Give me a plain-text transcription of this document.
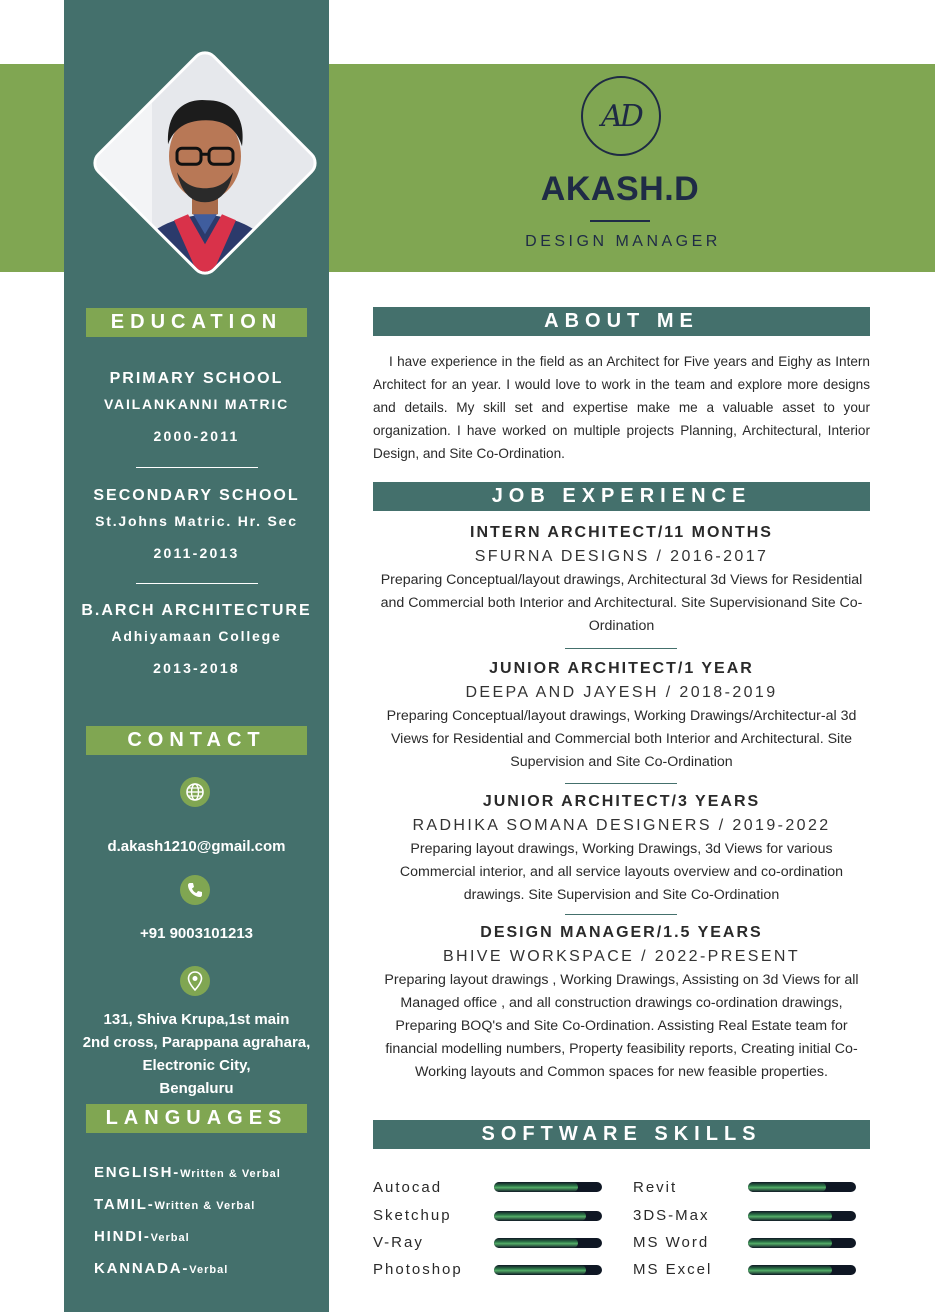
AD
AKASH.D
DESIGN MANAGER
EDUCATION
PRIMARY SCHOOL
VAILANKANNI MATRIC
2000-2011
SECONDARY SCHOOL
St.Johns Matric. Hr. Sec
2011-2013
B.ARCH ARCHITECTURE
Adhiyamaan College
2013-2018
CONTACT
d.akash1210@gmail.com
+91 9003101213
131, Shiva Krupa,1st main
2nd cross, Parappana agrahara,
Electronic City,
Bengaluru
LANGUAGES
ENGLISH-Written & Verbal
TAMIL-Written & Verbal
HINDI-Verbal
KANNADA-Verbal
ABOUT ME
I have experience in the field as an Architect for Five years and Eighy as Intern Architect for an year. I would love to work in the team and explore more designs and details. My skill set and expertise make me a valuable asset to your organization. I have worked on multiple projects Planning, Architectural, Interior Design, and Site Co-Ordination.
JOB EXPERIENCE
INTERN ARCHITECT/11 MONTHS
SFURNA DESIGNS / 2016-2017
Preparing Conceptual/layout drawings, Architectural 3d Views for Residential and Commercial both Interior and Architectural. Site Supervisionand Site Co-Ordination
JUNIOR ARCHITECT/1 YEAR
DEEPA AND JAYESH / 2018-2019
Preparing Conceptual/layout drawings, Working Drawings/Architectur-al 3d Views for Residential and Commercial both Interior and Architectural. Site Supervision and Site Co-Ordination
JUNIOR ARCHITECT/3 YEARS
RADHIKA SOMANA DESIGNERS / 2019-2022
Preparing layout drawings, Working Drawings, 3d Views for various Commercial interior, and all service layouts overview and co-ordination drawings. Site Supervision and Site Co-Ordination
DESIGN MANAGER/1.5 YEARS
BHIVE WORKSPACE / 2022-PRESENT
Preparing layout drawings , Working Drawings, Assisting on 3d Views for all Managed office , and all construction drawings co-ordination drawings, Preparing BOQ's and Site Co-Ordination. Assisting Real Estate team for financial modelling numbers, Property feasibility reports, Creating initial Co-Working layouts and Common spaces for new feasible properties.
SOFTWARE SKILLS
Autocad	Revit
Sketchup	3DS-Max
V-Ray	MS Word
Photoshop	MS Excel
